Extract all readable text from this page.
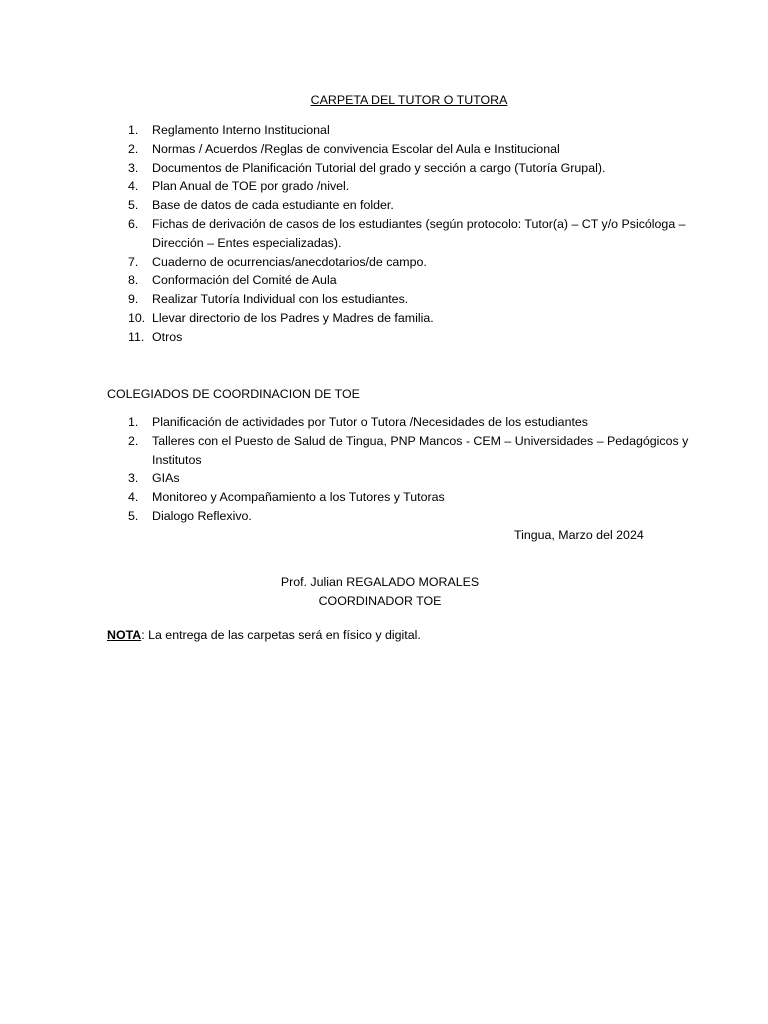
CARPETA DEL TUTOR O TUTORA
1. Reglamento Interno Institucional
2. Normas / Acuerdos /Reglas de convivencia Escolar del Aula e Institucional
3. Documentos de Planificación Tutorial del grado y sección a cargo (Tutoría Grupal).
4. Plan Anual de TOE por grado /nivel.
5. Base de datos de cada estudiante en folder.
6. Fichas de derivación de casos de los estudiantes (según protocolo: Tutor(a) – CT y/o Psicóloga – Dirección – Entes especializadas).
7. Cuaderno de ocurrencias/anecdotarios/de campo.
8. Conformación del Comité de Aula
9. Realizar Tutoría Individual con los estudiantes.
10. Llevar directorio de los Padres y Madres de familia.
11. Otros
COLEGIADOS DE COORDINACION DE TOE
1. Planificación de actividades por Tutor o Tutora /Necesidades de los estudiantes
2. Talleres con el Puesto de Salud de Tingua, PNP Mancos - CEM – Universidades – Pedagógicos y Institutos
3. GIAs
4. Monitoreo y Acompañamiento a los Tutores y Tutoras
5. Dialogo Reflexivo.
Tingua, Marzo del 2024
Prof. Julian REGALADO MORALES
COORDINADOR TOE
NOTA: La entrega de las carpetas será en físico y digital.
